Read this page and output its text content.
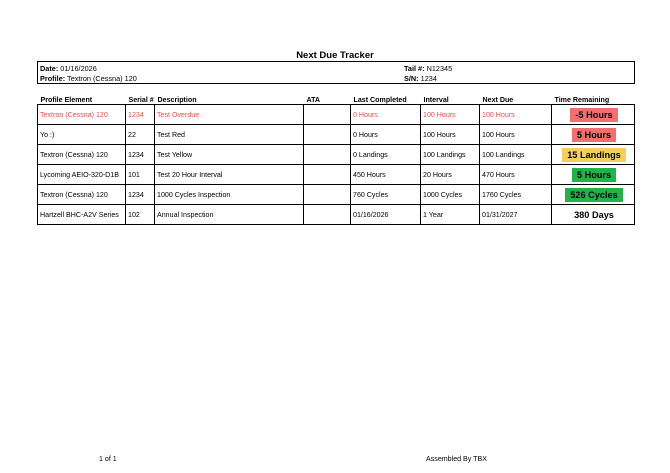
Next Due Tracker
Date: 01/16/2026
Profile: Textron (Cessna) 120
Tail #: N12345
S/N: 1234
Profile Element	Serial #	Description	ATA	Last Completed	Interval	Next Due	Time Remaining
Textron (Cessna) 120	1234	Test Overdue		0 Hours	100 Hours	100 Hours	-5 Hours
Yo :)	22	Test Red		0 Hours	100 Hours	100 Hours	5 Hours
Textron (Cessna) 120	1234	Test Yellow		0 Landings	100 Landings	100 Landings	15 Landings
Lycoming AEIO-320-D1B	101	Test 20 Hour Interval		450 Hours	20 Hours	470 Hours	5 Hours
Textron (Cessna) 120	1234	1000 Cycles Inspection		760 Cycles	1000 Cycles	1760 Cycles	526 Cycles
Hartzell BHC-A2V Series	102	Annual Inspection		01/16/2026	1 Year	01/31/2027	380 Days
1 of 1	Assembled By TBX
